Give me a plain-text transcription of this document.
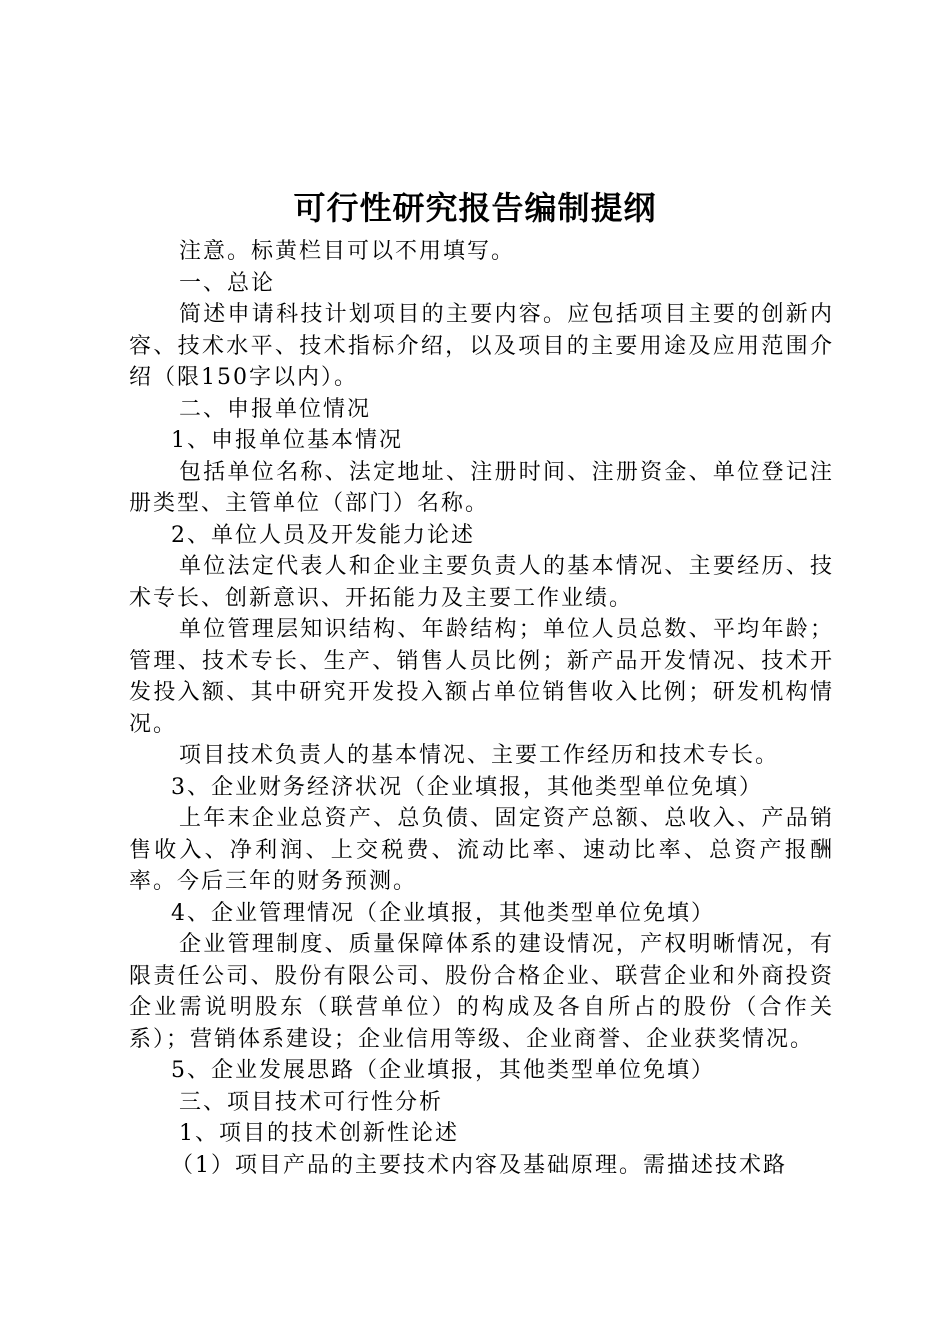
可行性研究报告编制提纲

注意。标黄栏目可以不用填写。

一、总论

简述申请科技计划项目的主要内容。应包括项目主要的创新内容、技术水平、技术指标介绍，以及项目的主要用途及应用范围介绍（限150字以内）。

二、申报单位情况

1、申报单位基本情况

包括单位名称、法定地址、注册时间、注册资金、单位登记注册类型、主管单位（部门）名称。

2、单位人员及开发能力论述

单位法定代表人和企业主要负责人的基本情况、主要经历、技术专长、创新意识、开拓能力及主要工作业绩。

单位管理层知识结构、年龄结构；单位人员总数、平均年龄；管理、技术专长、生产、销售人员比例；新产品开发情况、技术开发投入额、其中研究开发投入额占单位销售收入比例；研发机构情况。

项目技术负责人的基本情况、主要工作经历和技术专长。

3、企业财务经济状况（企业填报，其他类型单位免填）

上年末企业总资产、总负债、固定资产总额、总收入、产品销售收入、净利润、上交税费、流动比率、速动比率、总资产报酬率。今后三年的财务预测。

4、企业管理情况（企业填报，其他类型单位免填）

企业管理制度、质量保障体系的建设情况，产权明晰情况，有限责任公司、股份有限公司、股份合格企业、联营企业和外商投资企业需说明股东（联营单位）的构成及各自所占的股份（合作关系）；营销体系建设；企业信用等级、企业商誉、企业获奖情况。

5、企业发展思路（企业填报，其他类型单位免填）

三、项目技术可行性分析

1、项目的技术创新性论述

（1）项目产品的主要技术内容及基础原理。需描述技术路
